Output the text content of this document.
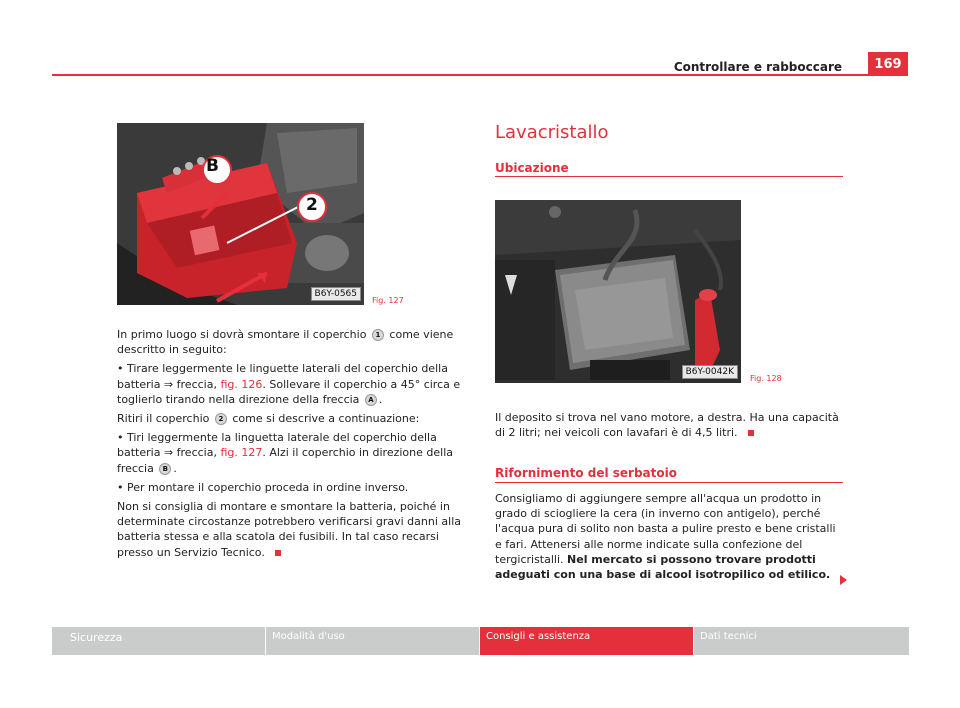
Controllare e rabboccare	169
B
2
B6Y-0565
Fig. 127

In primo luogo si dovrà smontare il coperchio 1 come viene descritto in seguito:

• Tirare leggermente le linguette laterali del coperchio della batteria ⇒ freccia, fig. 126. Sollevare il coperchio a 45° circa e toglierlo tirando nella direzione della freccia A .

Ritiri il coperchio 2 come si descrive a continuazione:

• Tiri leggermente la linguetta laterale del coperchio della batteria ⇒ freccia, fig. 127. Alzi il coperchio in direzione della freccia B .

• Per montare il coperchio proceda in ordine inverso.

Non si consiglia di montare e smontare la batteria, poiché in determinate circostanze potrebbero verificarsi gravi danni alla batteria stessa e alla scatola dei fusibili. In tal caso recarsi presso un Servizio Tecnico.

Lavacristallo
Ubicazione
B6Y-0042K
Fig. 128

Il deposito si trova nel vano motore, a destra. Ha una capacità di 2 litri; nei veicoli con lavafari è di 4,5 litri.

Rifornimento del serbatoio

Consigliamo di aggiungere sempre all'acqua un prodotto in grado di sciogliere la cera (in inverno con antigelo), perché l'acqua pura di solito non basta a pulire presto e bene cristalli e fari. Attenersi alle norme indicate sulla confezione del tergicristalli. Nel mercato si possono trovare prodotti adeguati con una base di alcool isotropilico od etilico.

Sicurezza	Modalità d'uso	Consigli e assistenza	Dati tecnici
